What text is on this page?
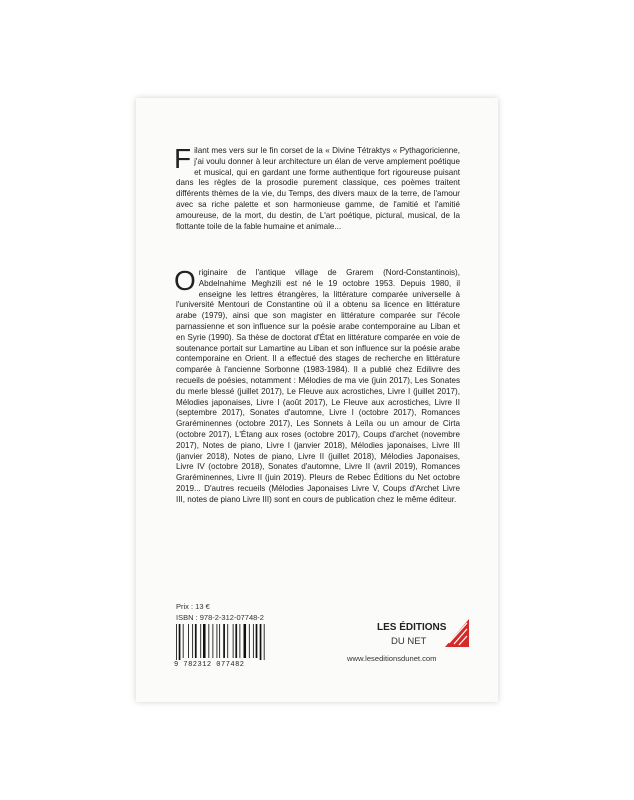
Filant mes vers sur le fin corset de la « Divine Tétraktys « Pythagoricienne, j'ai voulu donner à leur architecture un élan de verve amplement poétique et musical, qui en gardant une forme authentique fort rigoureuse puisant dans les règles de la prosodie purement classique, ces poèmes traitent différents thèmes de la vie, du Temps, des divers maux de la terre, de l'amour avec sa riche palette et son harmonieuse gamme, de l'amitié et l'amitié amoureuse, de la mort, du destin, de L'art poétique, pictural, musical, de la flottante toile de la fable humaine et animale...

Originaire de l'antique village de Grarem (Nord-Constantinois), Abdelnahime Meghzili est né le 19 octobre 1953. Depuis 1980, il enseigne les lettres étrangères, la littérature comparée universelle à l'université Mentouri de Constantine où il a obtenu sa licence en littérature arabe (1979), ainsi que son magister en littérature comparée sur l'école parnassienne et son influence sur la poésie arabe contemporaine au Liban et en Syrie (1990). Sa thèse de doctorat d'État en littérature comparée en voie de soutenance portait sur Lamartine au Liban et son influence sur la poésie arabe contemporaine en Orient. Il a effectué des stages de recherche en littérature comparée à l'ancienne Sorbonne (1983-1984). Il a publié chez Edilivre des recueils de poésies, notamment : Mélodies de ma vie (juin 2017), Les Sonates du merle blessé (juillet 2017), Le Fleuve aux acrostiches, Livre I (juillet 2017), Mélodies japonaises, Livre I (août 2017), Le Fleuve aux acrostiches, Livre II (septembre 2017), Sonates d'automne, Livre I (octobre 2017), Romances Graréminennes (octobre 2017), Les Sonnets à Leïla ou un amour de Cirta (octobre 2017), L'Étang aux roses (octobre 2017), Coups d'archet (novembre 2017), Notes de piano, Livre I (janvier 2018), Mélodies japonaises, Livre III (janvier 2018), Notes de piano, Livre II (juillet 2018), Mélodies Japonaises, Livre IV (octobre 2018), Sonates d'automne, Livre II (avril 2019), Romances Graréminennes, Livre II (juin 2019). Pleurs de Rebec Éditions du Net octobre 2019... D'autres recueils (Mélodies Japonaises Livre V, Coups d'Archet Livre III, notes de piano Livre III) sont en cours de publication chez le même éditeur.

Prix : 13 €
ISBN : 978-2-312-07748-2
9 782312 077482
LES ÉDITIONS
DU NET
www.leseditionsdunet.com
